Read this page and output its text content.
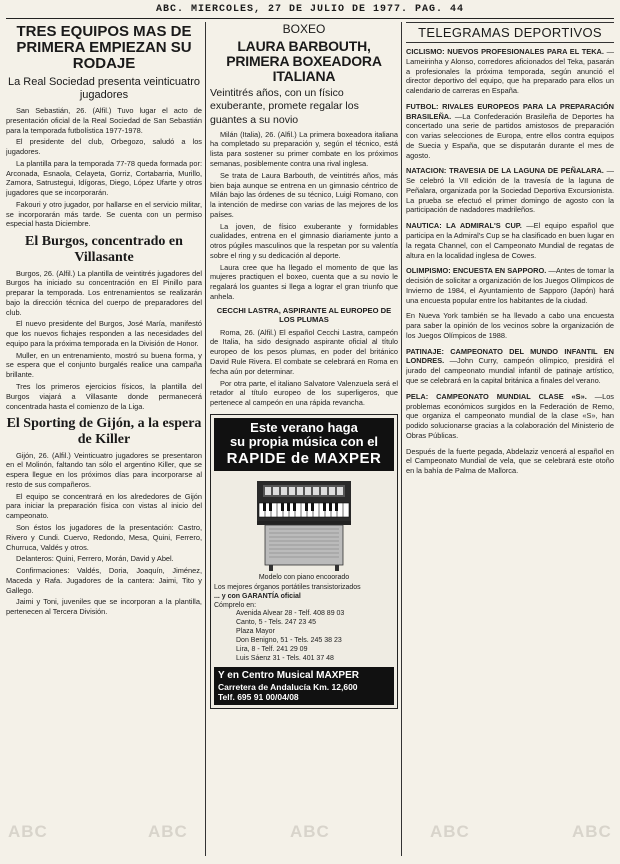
ABC	ABC	ABC	ABC	ABC
ABC. MIERCOLES, 27 DE JULIO DE 1977. PAG. 44
TRES EQUIPOS MAS DE PRIMERA EMPIEZAN SU RODAJE
La Real Sociedad presenta veinticuatro jugadores

San Sebastián, 26. (Alfil.) Tuvo lugar el acto de presentación oficial de la Real Sociedad de San Sebastián para la temporada futbolística 1977-1978.

El presidente del club, Orbegozo, saludó a los jugadores.

La plantilla para la temporada 77-78 queda formada por: Arconada, Esnaola, Celayeta, Gorriz, Cortabarria, Murillo, Zamora, Satrustegui, Idígoras, Diego, López Ufarte y otros jugadores que se incorporarán.

Fakouri y otro jugador, por hallarse en el servicio militar, se incorporarán más tarde. Se cuenta con un permiso especial hasta Diciembre.

El Burgos, concentrado en Villasante

Burgos, 26. (Alfil.) La plantilla de veintitrés jugadores del Burgos ha iniciado su concentración en El Pinillo para preparar la temporada. Los entrenamientos se realizarán bajo la dirección técnica del cuerpo de preparadores del club.

El nuevo presidente del Burgos, José María, manifestó que los nuevos fichajes responden a las necesidades del equipo para la próxima temporada en la División de Honor.

Muller, en un entrenamiento, mostró su buena forma, y se espera que el conjunto burgalés realice una campaña brillante.

Tres los primeros ejercicios físicos, la plantilla del Burgos viajará a Villasante donde permanecerá concentrada hasta el comienzo de la Liga.

El Sporting de Gijón, a la espera de Killer

Gijón, 26. (Alfil.) Veinticuatro jugadores se presentaron en el Molinón, faltando tan sólo el argentino Killer, que se espera llegue en los próximos días para incorporarse al resto de sus compañeros.

El equipo se concentrará en los alrededores de Gijón para iniciar la preparación física con vistas al inicio del campeonato.

Son éstos los jugadores de la presentación: Castro, Rivero y Cundi. Cuervo, Redondo, Mesa, Quini, Ferrero, Churruca, Valdés y otros.

Delanteros: Quini, Ferrero, Morán, David y Abel.

Confirmaciones: Valdés, Doria, Joaquín, Jiménez, Maceda y Rafa. Jugadores de la cantera: Jaimi, Tito y Gallego.

Jaimi y Toni, juveniles que se incorporan a la plantilla, pertenecen al Tercera División.

BOXEO
LAURA BARBOUTH, PRIMERA BOXEADORA ITALIANA
Veintitrés años, con un físico exuberante, promete regalar los guantes a su novio

Milán (Italia), 26. (Alfil.) La primera boxeadora italiana ha completado su preparación y, según el técnico, está lista para sostener su primer combate en los próximos semanas, posiblemente contra una rival inglesa.

Se trata de Laura Barbouth, de veintitrés años, más bien baja aunque se entrena en un gimnasio céntrico de Milán bajo las órdenes de su técnico, Luigi Romano, con la intención de medirse con varias de las mejores de los países.

La joven, de físico exuberante y formidables cualidades, entrena en el gimnasio diariamente junto a otros púgiles masculinos que la respetan por su valentía sobre el ring y su dedicación al deporte.

Laura cree que ha llegado el momento de que las mujeres practiquen el boxeo, cuenta que a su novio le regalará los guantes si llega a lograr el gran triunfo que anhela.

CECCHI LASTRA, ASPIRANTE AL EUROPEO DE LOS PLUMAS

Roma, 26. (Alfil.) El español Cecchi Lastra, campeón de Italia, ha sido designado aspirante oficial al título europeo de los pesos plumas, en poder del británico David Rule Rivera. El combate se celebrará en Roma en fecha aún por determinar.

Por otra parte, el italiano Salvatore Valenzuela será el retador al título europeo de los superligeros, que pertenece al campeón en una rápida revancha.

Este verano haga
su propia música con el
RAPIDE de MAXPER
Modelo con piano encoorado
Los mejores órganos portátiles transistorizados
... y con GARANTÍA oficial
Cómprelo en:
Avenida Alvear 28 - Telf. 408 89 03
Canto, 5 - Tels. 247 23 45
Plaza Mayor
Don Benigno, 51 - Tels. 245 38 23
Lira, 8 - Telf. 241 29 09
Luis Sáenz 31 - Tels. 401 37 48
Y en Centro Musical MAXPER
Carretera de Andalucía Km. 12,600
Telf. 695 91 00/04/08
TELEGRAMAS DEPORTIVOS
CICLISMO: NUEVOS PROFESIONALES PARA EL TEKA. —Lameirinha y Alonso, corredores aficionados del Teka, pasarán a profesionales la próxima temporada, según anunció el director deportivo del equipo, que ha preparado para ellos un calendario de carreras en España.
FUTBOL: RIVALES EUROPEOS PARA LA PREPARACIÓN BRASILEÑA. —La Confederación Brasileña de Deportes ha concertado una serie de partidos amistosos de preparación con varias selecciones de Europa, entre ellos contra equipos de Suecia y España, que se disputarán durante el mes de agosto.
NATACION: TRAVESIA DE LA LAGUNA DE PEÑALARA. —Se celebró la VII edición de la travesía de la laguna de Peñalara, organizada por la Sociedad Deportiva Excursionista. La prueba se efectuó el primer domingo de agosto con la participación de nadadores madrileños.
NAUTICA: LA ADMIRAL'S CUP. —El equipo español que participa en la Admiral's Cup se ha clasificado en buen lugar en la regata Channel, con el Campeonato Mundial de regatas de altura en la localidad inglesa de Cowes.
OLIMPISMO: ENCUESTA EN SAPPORO. —Antes de tomar la decisión de solicitar a organización de los Juegos Olímpicos de Invierno de 1984, el Ayuntamiento de Sapporo (Japón) hará una encuesta popular entre los habitantes de la ciudad.
En Nueva York también se ha llevado a cabo una encuesta para saber la opinión de los vecinos sobre la organización de los Juegos Olímpicos de 1988.
PATINAJE: CAMPEONATO DEL MUNDO INFANTIL EN LONDRES. —John Curry, campeón olímpico, presidirá el jurado del campeonato mundial infantil de patinaje artístico, que se celebrará en la capital británica a finales del verano.
PELA: CAMPEONATO MUNDIAL CLASE «S». —Los problemas económicos surgidos en la Federación de Remo, que organiza el campeonato mundial de la clase «S», han podido solucionarse gracias a la colaboración del Ministerio de Obras Públicas.
Después de la fuerte pegada, Abdelaziz vencerá al español en el Campeonato Mundial de vela, que se celebrará este otoño en la bahía de Palma de Mallorca.
